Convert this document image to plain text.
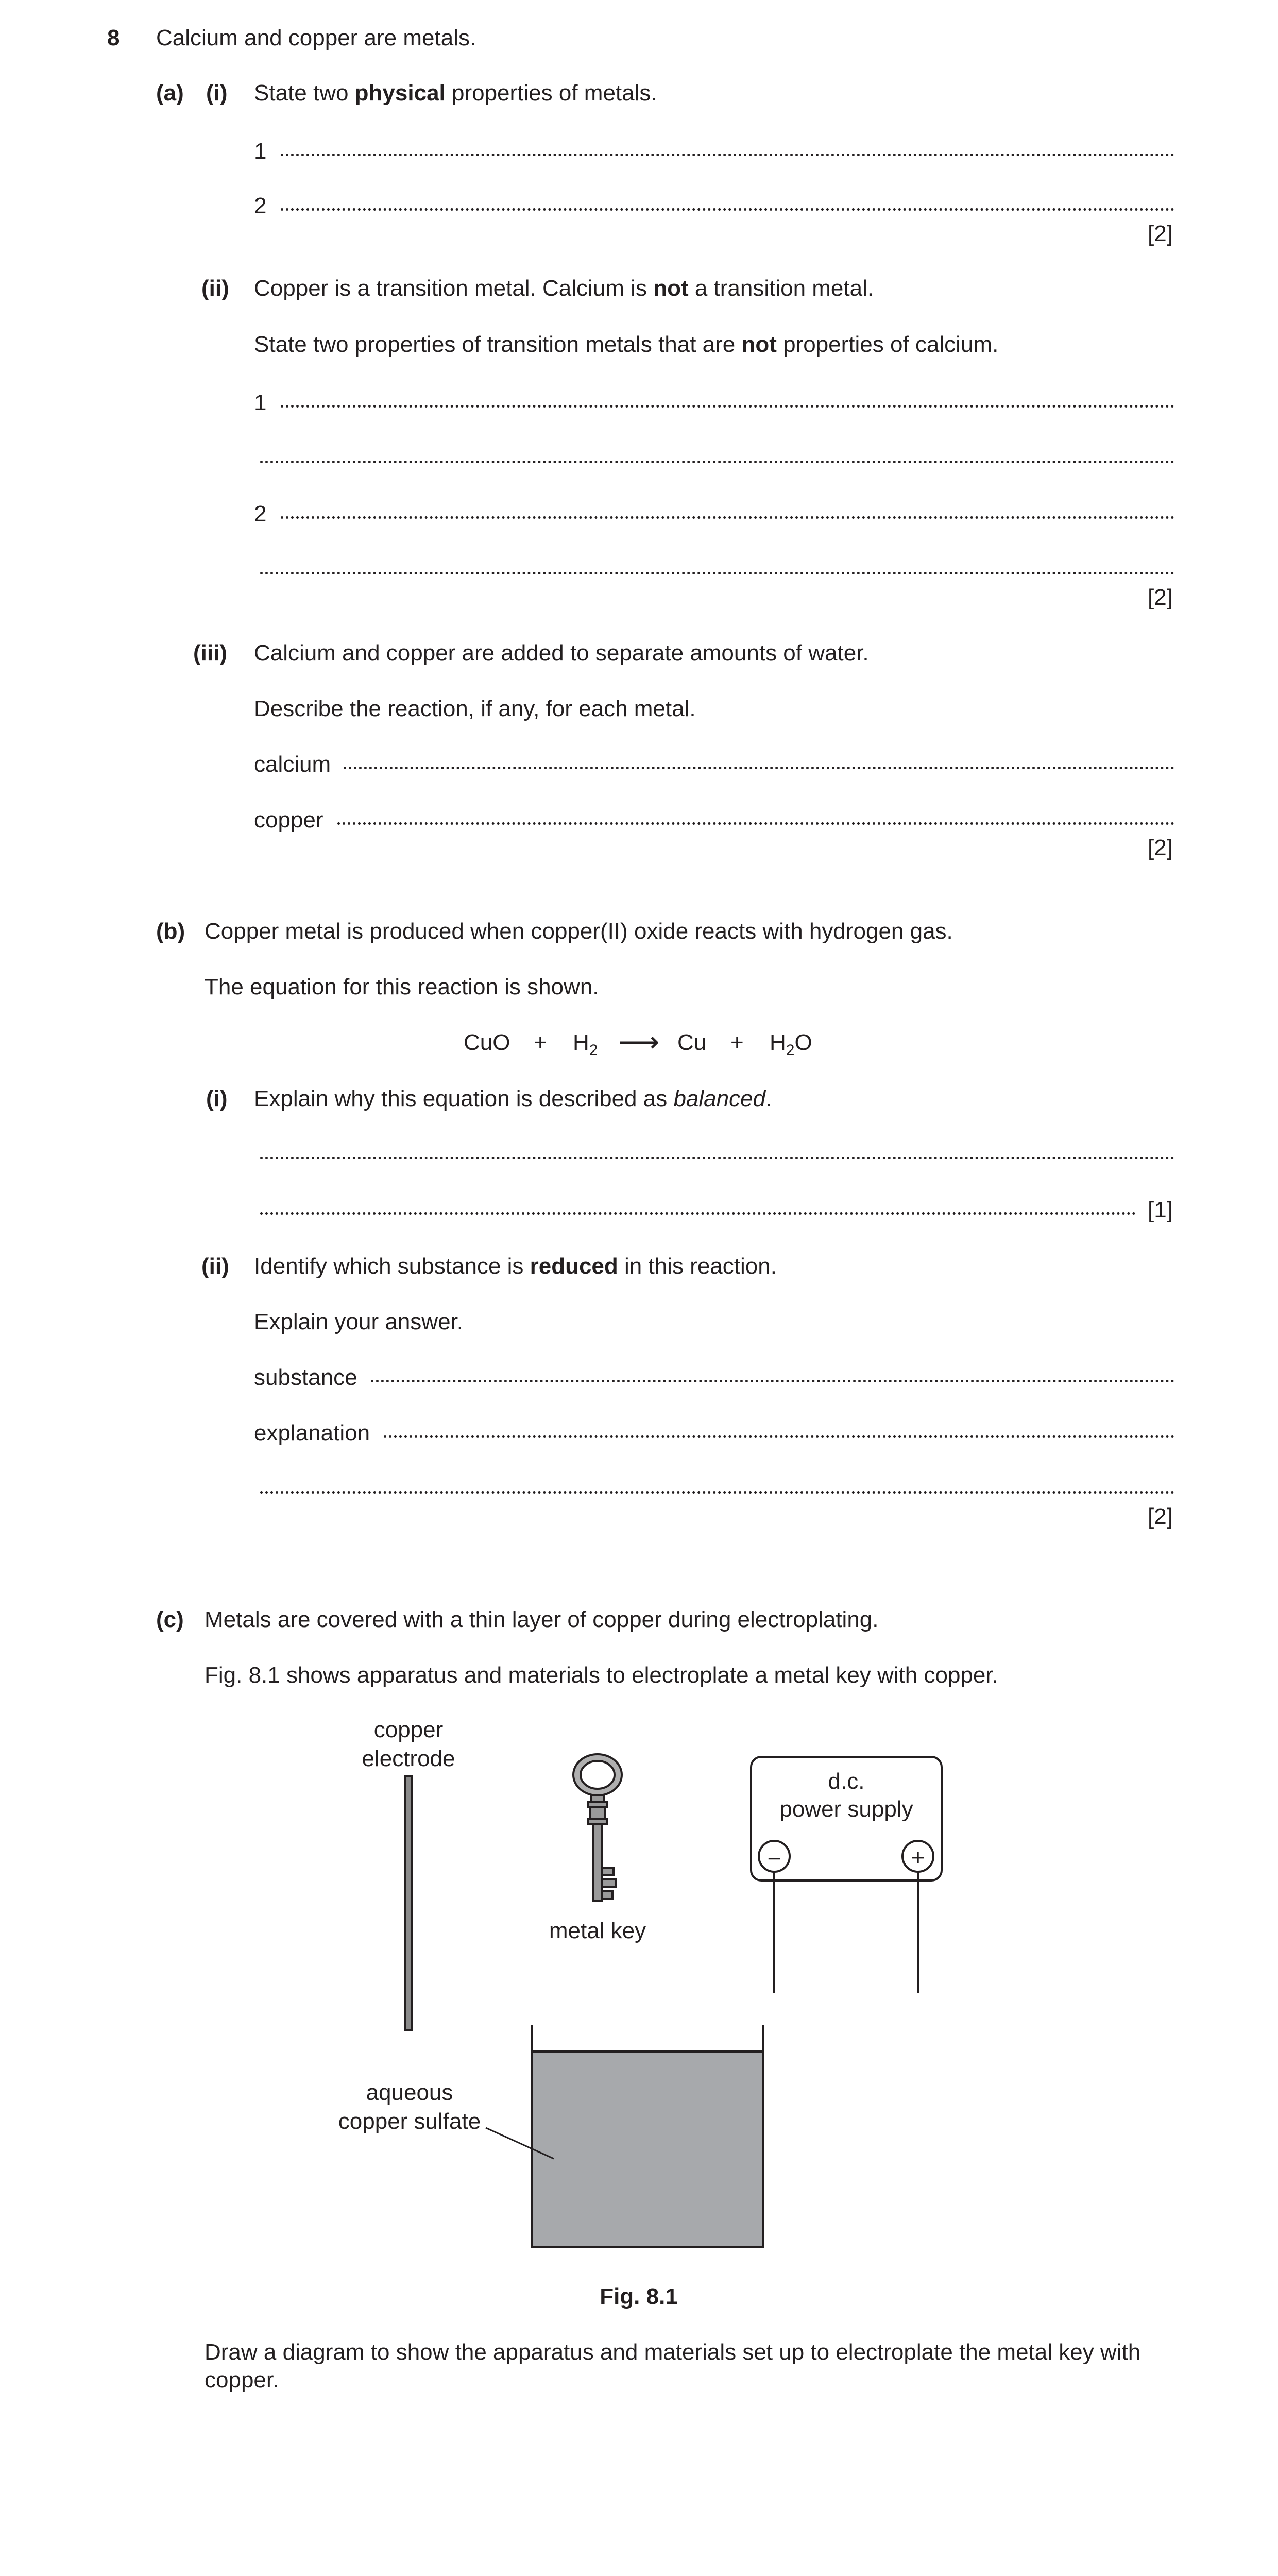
8 Calcium and copper are metals.
(a) (i) State two physical properties of metals.
1
2
[2]
(ii) Copper is a transition metal. Calcium is not a transition metal.
State two properties of transition metals that are not properties of calcium.
1
2
[2]
(iii) Calcium and copper are added to separate amounts of water.
Describe the reaction, if any, for each metal.
calcium
copper
[2]
(b) Copper metal is produced when copper(II) oxide reacts with hydrogen gas.
The equation for this reaction is shown.
CuO + $H_2$ ⟶ $Cu + H_2O$
(i) Explain why this equation is described as balanced.
[1]
(ii) Identify which substance is reduced in this reaction.
Explain your answer.
substance
explanation
[2]
(c) Metals are covered with a thin layer of copper during electroplating.
Fig. 8.1 shows apparatus and materials to electroplate a metal key with copper.
−	+
copper
electrode
metal key
d.c.
power supply
aqueous
copper sulfate
Fig. 8.1
Draw a diagram to show the apparatus and materials set up to electroplate the metal key with
copper.
